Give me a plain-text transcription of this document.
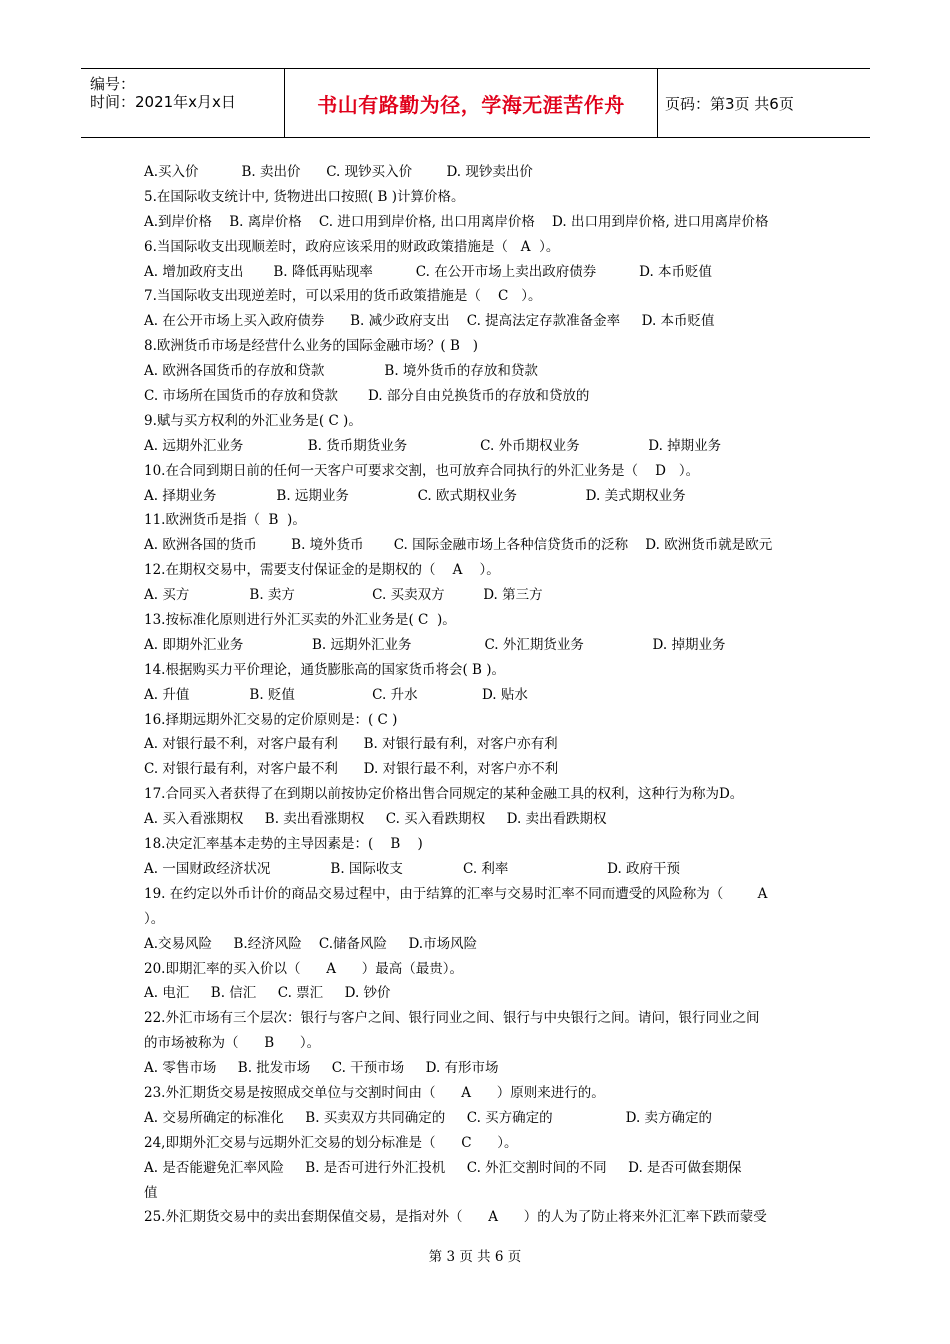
编号：
时间：2021年x月x日	书山有路勤为径，学海无涯苦作舟	页码：第3页 共6页
A.买入价          B. 卖出价      C. 现钞买入价        D. 现钞卖出价
5.在国际收支统计中, 货物进出口按照( B )计算价格。
A.到岸价格    B. 离岸价格    C. 进口用到岸价格, 出口用离岸价格    D. 出口用到岸价格, 进口用离岸价格
6.当国际收支出现顺差时，政府应该采用的财政政策措施是（   A  ）。
A. 增加政府支出       B. 降低再贴现率          C. 在公开市场上卖出政府债券          D. 本币贬值
7.当国际收支出现逆差时，可以采用的货币政策措施是（    C   ）。
A. 在公开市场上买入政府债券      B. 减少政府支出    C. 提高法定存款准备金率     D. 本币贬值
8.欧洲货币市场是经营什么业务的国际金融市场？( B   )
A. 欧洲各国货币的存放和贷款              B. 境外货币的存放和贷款
C. 市场所在国货币的存放和贷款       D. 部分自由兑换货币的存放和贷放的
9.赋与买方权利的外汇业务是( C )。
A. 远期外汇业务               B. 货币期货业务                 C. 外币期权业务                D. 掉期业务
10.在合同到期日前的任何一天客户可要求交割，也可放弃合同执行的外汇业务是（    D   ）。
A. 择期业务              B. 远期业务                C. 欧式期权业务                D. 美式期权业务
11.欧洲货币是指（  B  )。
A. 欧洲各国的货币        B. 境外货币       C. 国际金融市场上各种信贷货币的泛称    D. 欧洲货币就是欧元
12.在期权交易中，需要支付保证金的是期权的（    A    ）。
A. 买方              B. 卖方                  C. 买卖双方         D. 第三方
13.按标准化原则进行外汇买卖的外汇业务是( C  )。
A. 即期外汇业务                B. 远期外汇业务                 C. 外汇期货业务                D. 掉期业务
14.根据购买力平价理论，通货膨胀高的国家货币将会( B )。
A. 升值              B. 贬值                  C. 升水               D. 贴水
16.择期远期外汇交易的定价原则是：( C )
A. 对银行最不利，对客户最有利      B. 对银行最有利，对客户亦有利
C. 对银行最有利，对客户最不利      D. 对银行最不利，对客户亦不利
17.合同买入者获得了在到期以前按协定价格出售合同规定的某种金融工具的权利，这种行为称为D。
A. 买入看涨期权     B. 卖出看涨期权     C. 买入看跌期权     D. 卖出看跌期权
18.决定汇率基本走势的主导因素是：(    B    )
A. 一国财政经济状况              B. 国际收支              C. 利率                       D. 政府干预
19. 在约定以外币计价的商品交易过程中，由于结算的汇率与交易时汇率不同而遭受的风险称为（        A
）。
A.交易风险     B.经济风险    C.储备风险     D.市场风险
20.即期汇率的买入价以（      A      ）最高（最贵）。
A. 电汇     B. 信汇     C. 票汇     D. 钞价
22.外汇市场有三个层次：银行与客户之间、银行同业之间、银行与中央银行之间。请问，银行同业之间
的市场被称为（      B      ）。
A. 零售市场     B. 批发市场     C. 干预市场     D. 有形市场
23.外汇期货交易是按照成交单位与交割时间由（      A      ）原则来进行的。
A. 交易所确定的标准化     B. 买卖双方共同确定的     C. 买方确定的                 D. 卖方确定的
24,即期外汇交易与远期外汇交易的划分标准是（      C      ）。
A. 是否能避免汇率风险     B. 是否可进行外汇投机     C. 外汇交割时间的不同     D. 是否可做套期保
值
25.外汇期货交易中的卖出套期保值交易，是指对外（      A      ）的人为了防止将来外汇汇率下跌而蒙受
第 3 页 共 6 页
